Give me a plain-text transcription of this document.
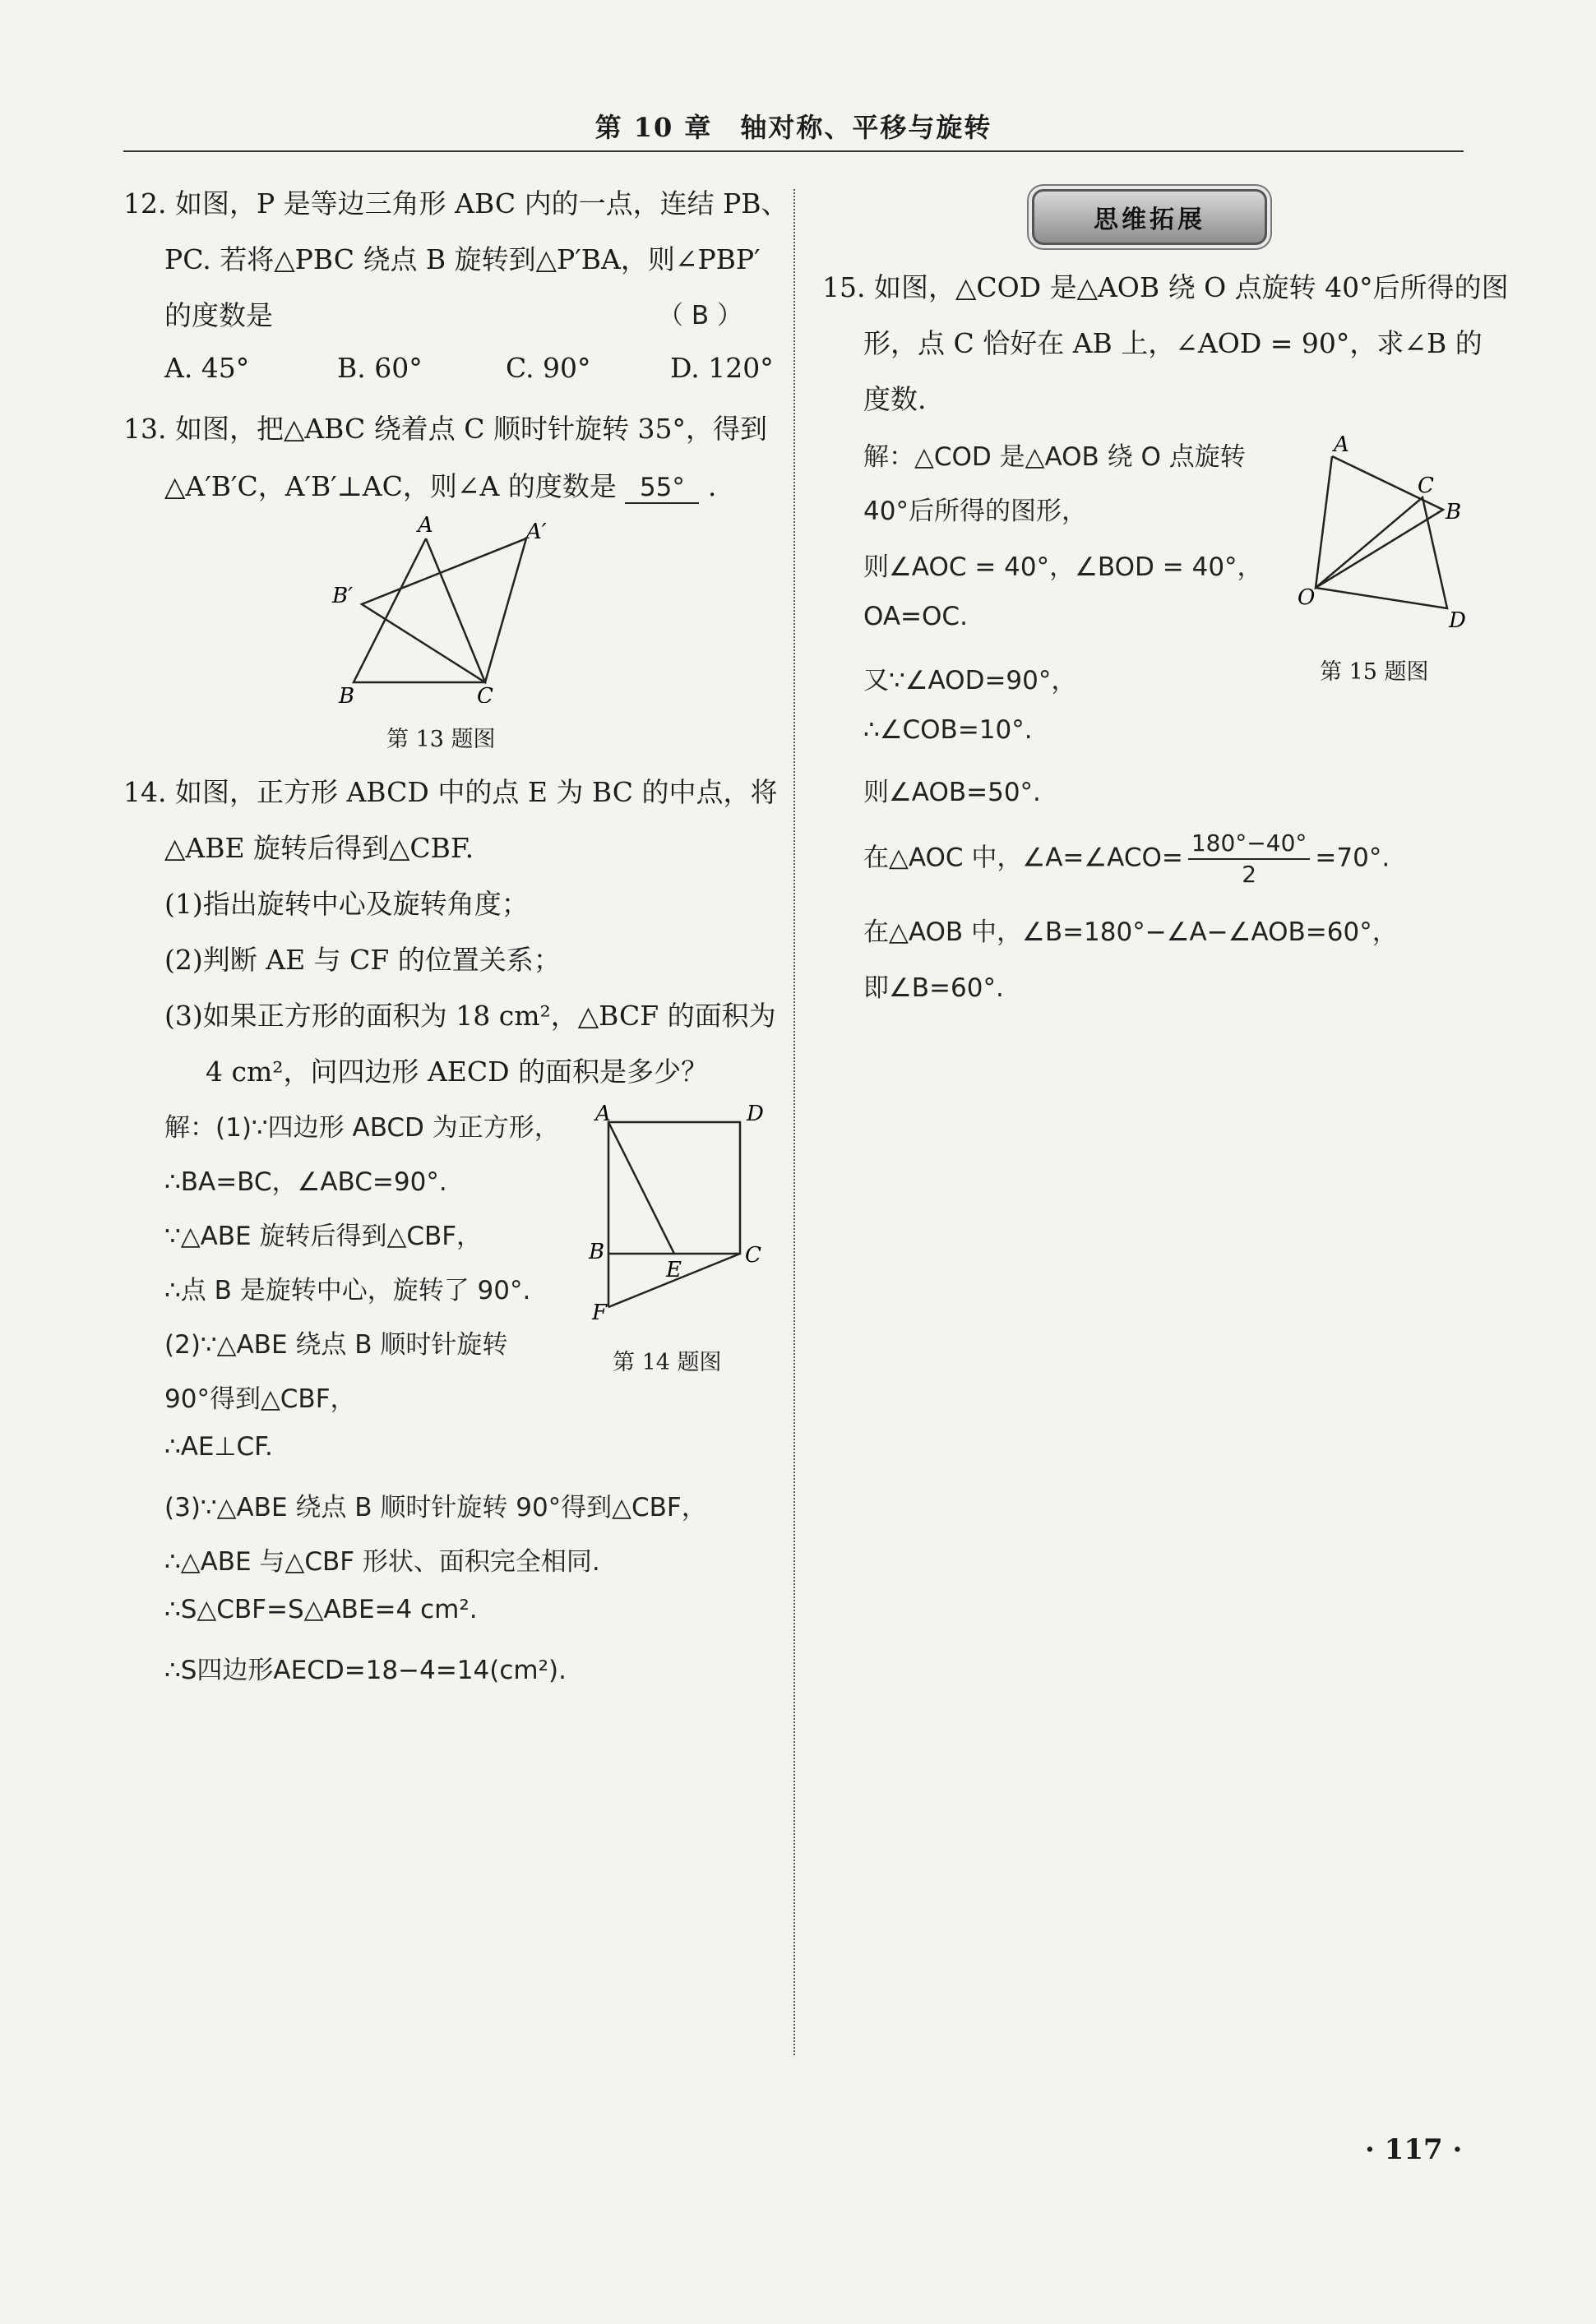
第 10 章　轴对称、平移与旋转
12. 如图，P 是等边三角形 ABC 内的一点，连结 PB、
PC. 若将△PBC 绕点 B 旋转到△P′BA，则∠PBP′
的度数是	（ B ）
A. 45°	B. 60°	C. 90°	D. 120°
13. 如图，把△ABC 绕着点 C 顺时针旋转 35°，得到
△A′B′C，A′B′⊥AC，则∠A 的度数是 55° .
A	A′
B′
B	C
第 13 题图
14. 如图，正方形 ABCD 中的点 E 为 BC 的中点，将
△ABE 旋转后得到△CBF.
(1)指出旋转中心及旋转角度；
(2)判断 AE 与 CF 的位置关系；
(3)如果正方形的面积为 18 cm²，△BCF 的面积为
4 cm²，问四边形 AECD 的面积是多少？
解：(1)∵四边形 ABCD 为正方形，
∴BA=BC，∠ABC=90°.
∵△ABE 旋转后得到△CBF，
∴点 B 是旋转中心，旋转了 90°.
(2)∵△ABE 绕点 B 顺时针旋转
90°得到△CBF，
∴AE⊥CF.
(3)∵△ABE 绕点 B 顺时针旋转 90°得到△CBF，
∴△ABE 与△CBF 形状、面积完全相同.
∴S△CBF=S△ABE=4 cm².
∴S四边形AECD=18−4=14(cm²).
A	D
B
E
C
F
第 14 题图
思维拓展
15. 如图，△COD 是△AOB 绕 O 点旋转 40°后所得的图
形，点 C 恰好在 AB 上，∠AOD = 90°，求∠B 的
度数.
解：△COD 是△AOB 绕 O 点旋转
40°后所得的图形，
则∠AOC = 40°，∠BOD = 40°，
OA=OC.
又∵∠AOD=90°，
∴∠COB=10°.
则∠AOB=50°.
在△AOC 中，∠A=∠ACO= $\frac{180^\circ-40^\circ}{2} =70^\circ$.
在△AOB 中，∠B=180°−∠A−∠AOB=60°，
即∠B=60°.
A
C
B
O
D
第 15 题图
· 117 ·
